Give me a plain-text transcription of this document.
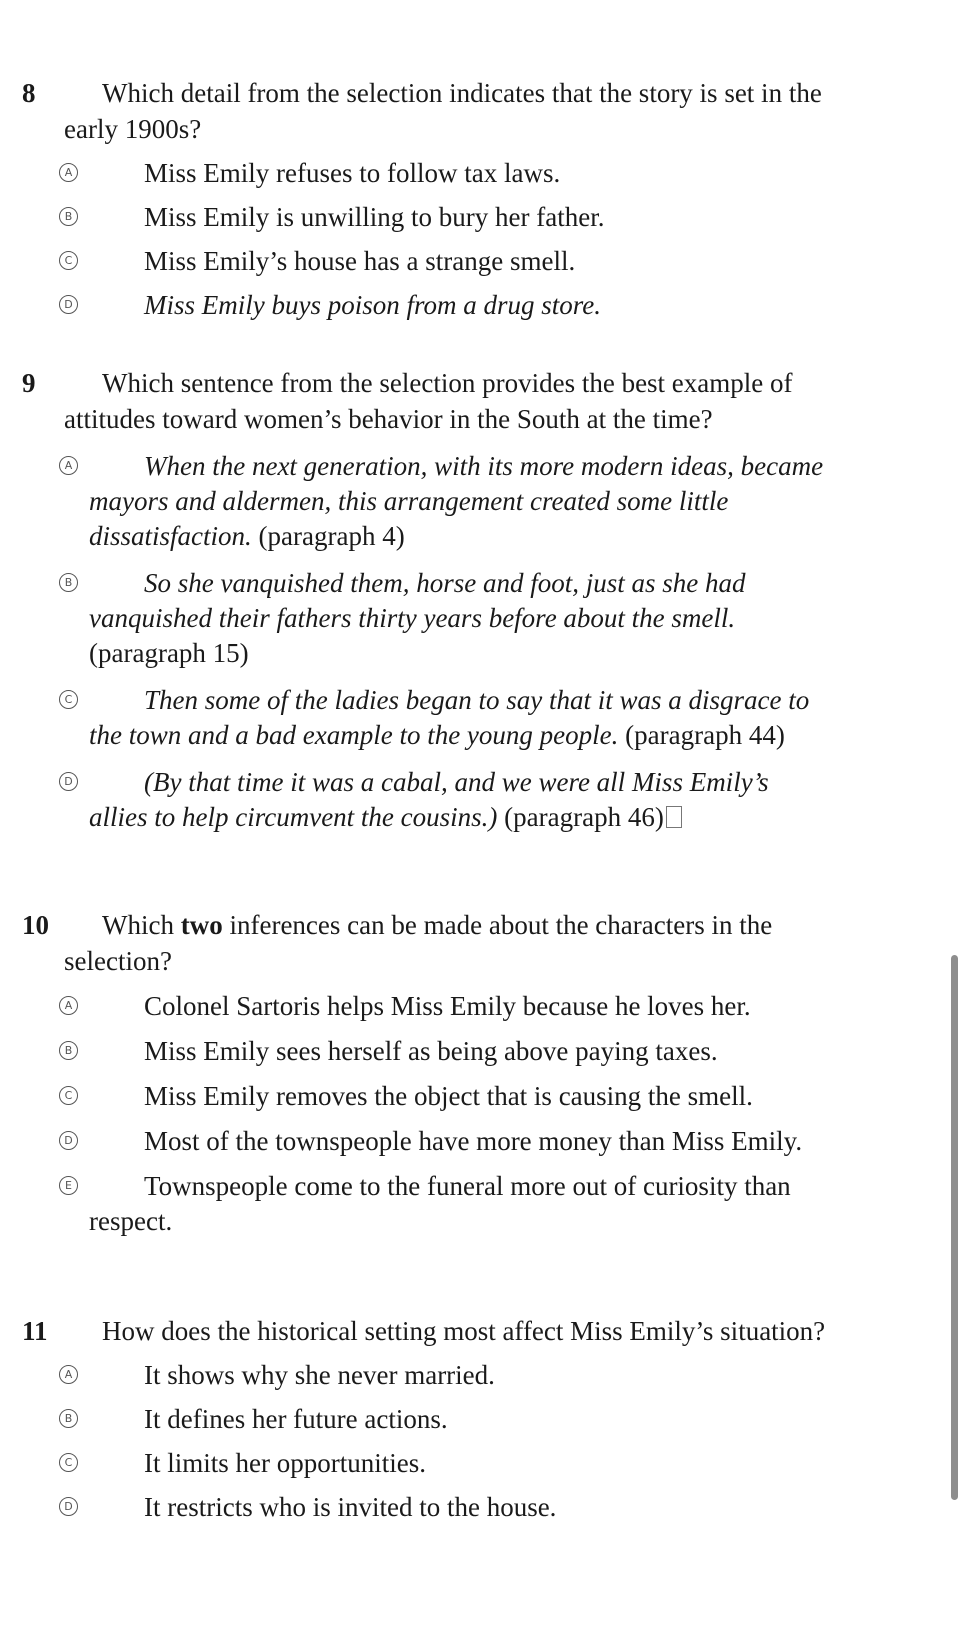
8	Which detail from the selection indicates that the story is set in the early 1900s?

A	Miss Emily refuses to follow tax laws.

B	Miss Emily is unwilling to bury her father.

C	Miss Emily’s house has a strange smell.

D	Miss Emily buys poison from a drug store.

9	Which sentence from the selection provides the best example of attitudes toward women’s behavior in the South at the time?

A	When the next generation, with its more modern ideas, became mayors and aldermen, this arrangement created some little dissatisfaction. (paragraph 4)

B	So she vanquished them, horse and foot, just as she had vanquished their fathers thirty years before about the smell. (paragraph 15)

C	Then some of the ladies began to say that it was a disgrace to the town and a bad example to the young people. (paragraph 44)

D	(By that time it was a cabal, and we were all Miss Emily’s allies to help circumvent the cousins.) (paragraph 46)

10	Which two inferences can be made about the characters in the selection?

A	Colonel Sartoris helps Miss Emily because he loves her.

B	Miss Emily sees herself as being above paying taxes.

C	Miss Emily removes the object that is causing the smell.

D	Most of the townspeople have more money than Miss Emily.

E	Townspeople come to the funeral more out of curiosity than respect.

11	How does the historical setting most affect Miss Emily’s situation?

A	It shows why she never married.

B	It defines her future actions.

C	It limits her opportunities.

D	It restricts who is invited to the house.
